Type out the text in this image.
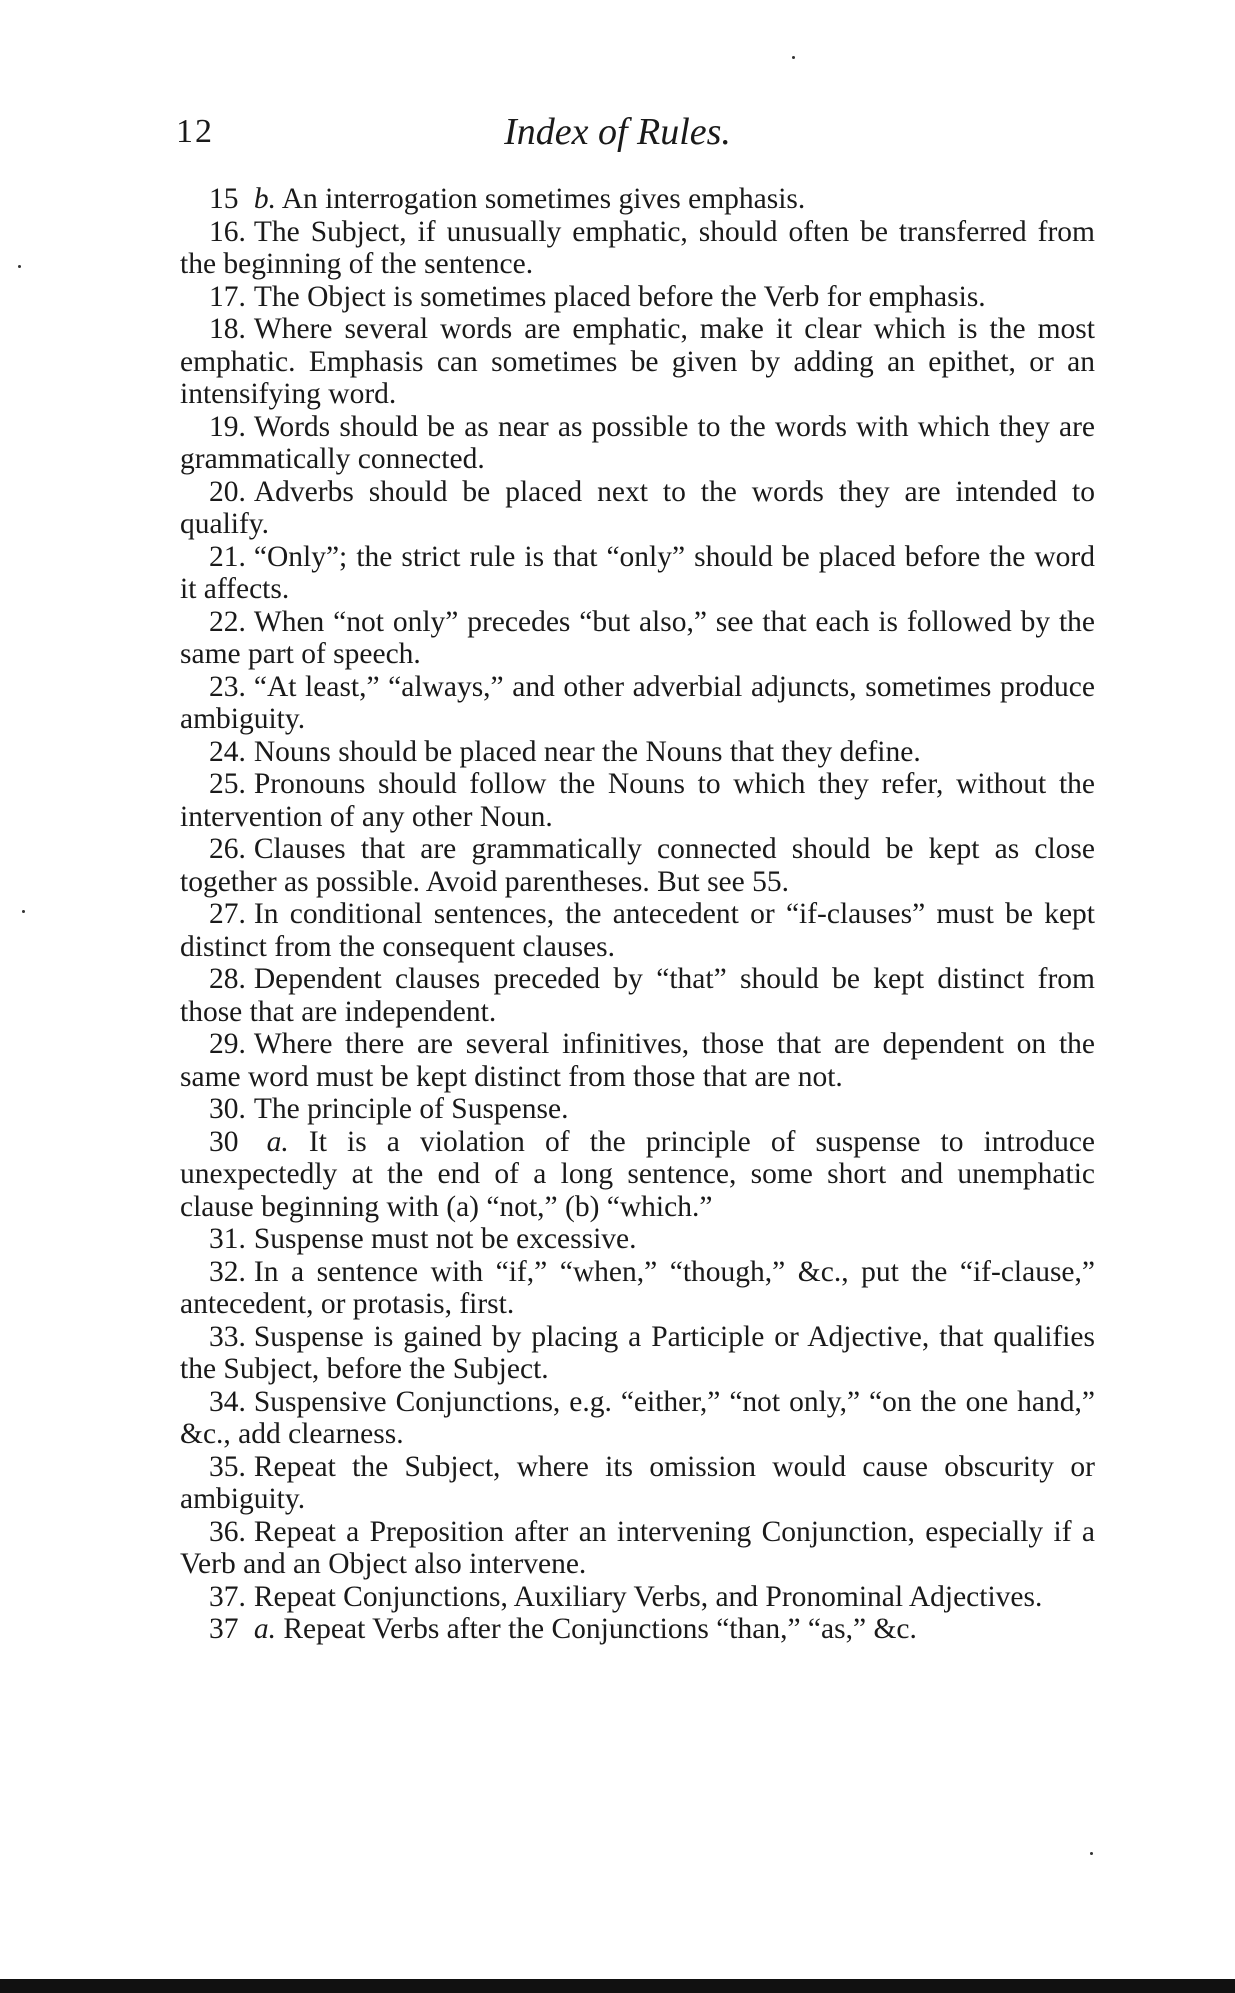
12	Index of Rules.

15 b. An interrogation sometimes gives emphasis.

16. The Subject, if unusually emphatic, should often be transferred from the beginning of the sentence.

17. The Object is sometimes placed before the Verb for emphasis.

18. Where several words are emphatic, make it clear which is the most emphatic. Emphasis can sometimes be given by adding an epithet, or an intensifying word.

19. Words should be as near as possible to the words with which they are grammatically connected.

20. Adverbs should be placed next to the words they are intended to qualify.

21. “Only”; the strict rule is that “only” should be placed before the word it affects.

22. When “not only” precedes “but also,” see that each is followed by the same part of speech.

23. “At least,” “always,” and other adverbial adjuncts, sometimes produce ambiguity.

24. Nouns should be placed near the Nouns that they define.

25. Pronouns should follow the Nouns to which they refer, without the intervention of any other Noun.

26. Clauses that are grammatically connected should be kept as close together as possible. Avoid parentheses. But see 55.

27. In conditional sentences, the antecedent or “if-clauses” must be kept distinct from the consequent clauses.

28. Dependent clauses preceded by “that” should be kept distinct from those that are independent.

29. Where there are several infinitives, those that are dependent on the same word must be kept distinct from those that are not.

30. The principle of Suspense.

30 a. It is a violation of the principle of suspense to introduce unexpectedly at the end of a long sentence, some short and unemphatic clause beginning with (a) “not,” (b) “which.”

31. Suspense must not be excessive.

32. In a sentence with “if,” “when,” “though,” &c., put the “if-clause,” antecedent, or protasis, first.

33. Suspense is gained by placing a Participle or Adjective, that qualifies the Subject, before the Subject.

34. Suspensive Conjunctions, e.g. “either,” “not only,” “on the one hand,” &c., add clearness.

35. Repeat the Subject, where its omission would cause obscurity or ambiguity.

36. Repeat a Preposition after an intervening Conjunction, especially if a Verb and an Object also intervene.

37. Repeat Conjunctions, Auxiliary Verbs, and Pronominal Adjectives.

37 a. Repeat Verbs after the Conjunctions “than,” “as,” &c.
